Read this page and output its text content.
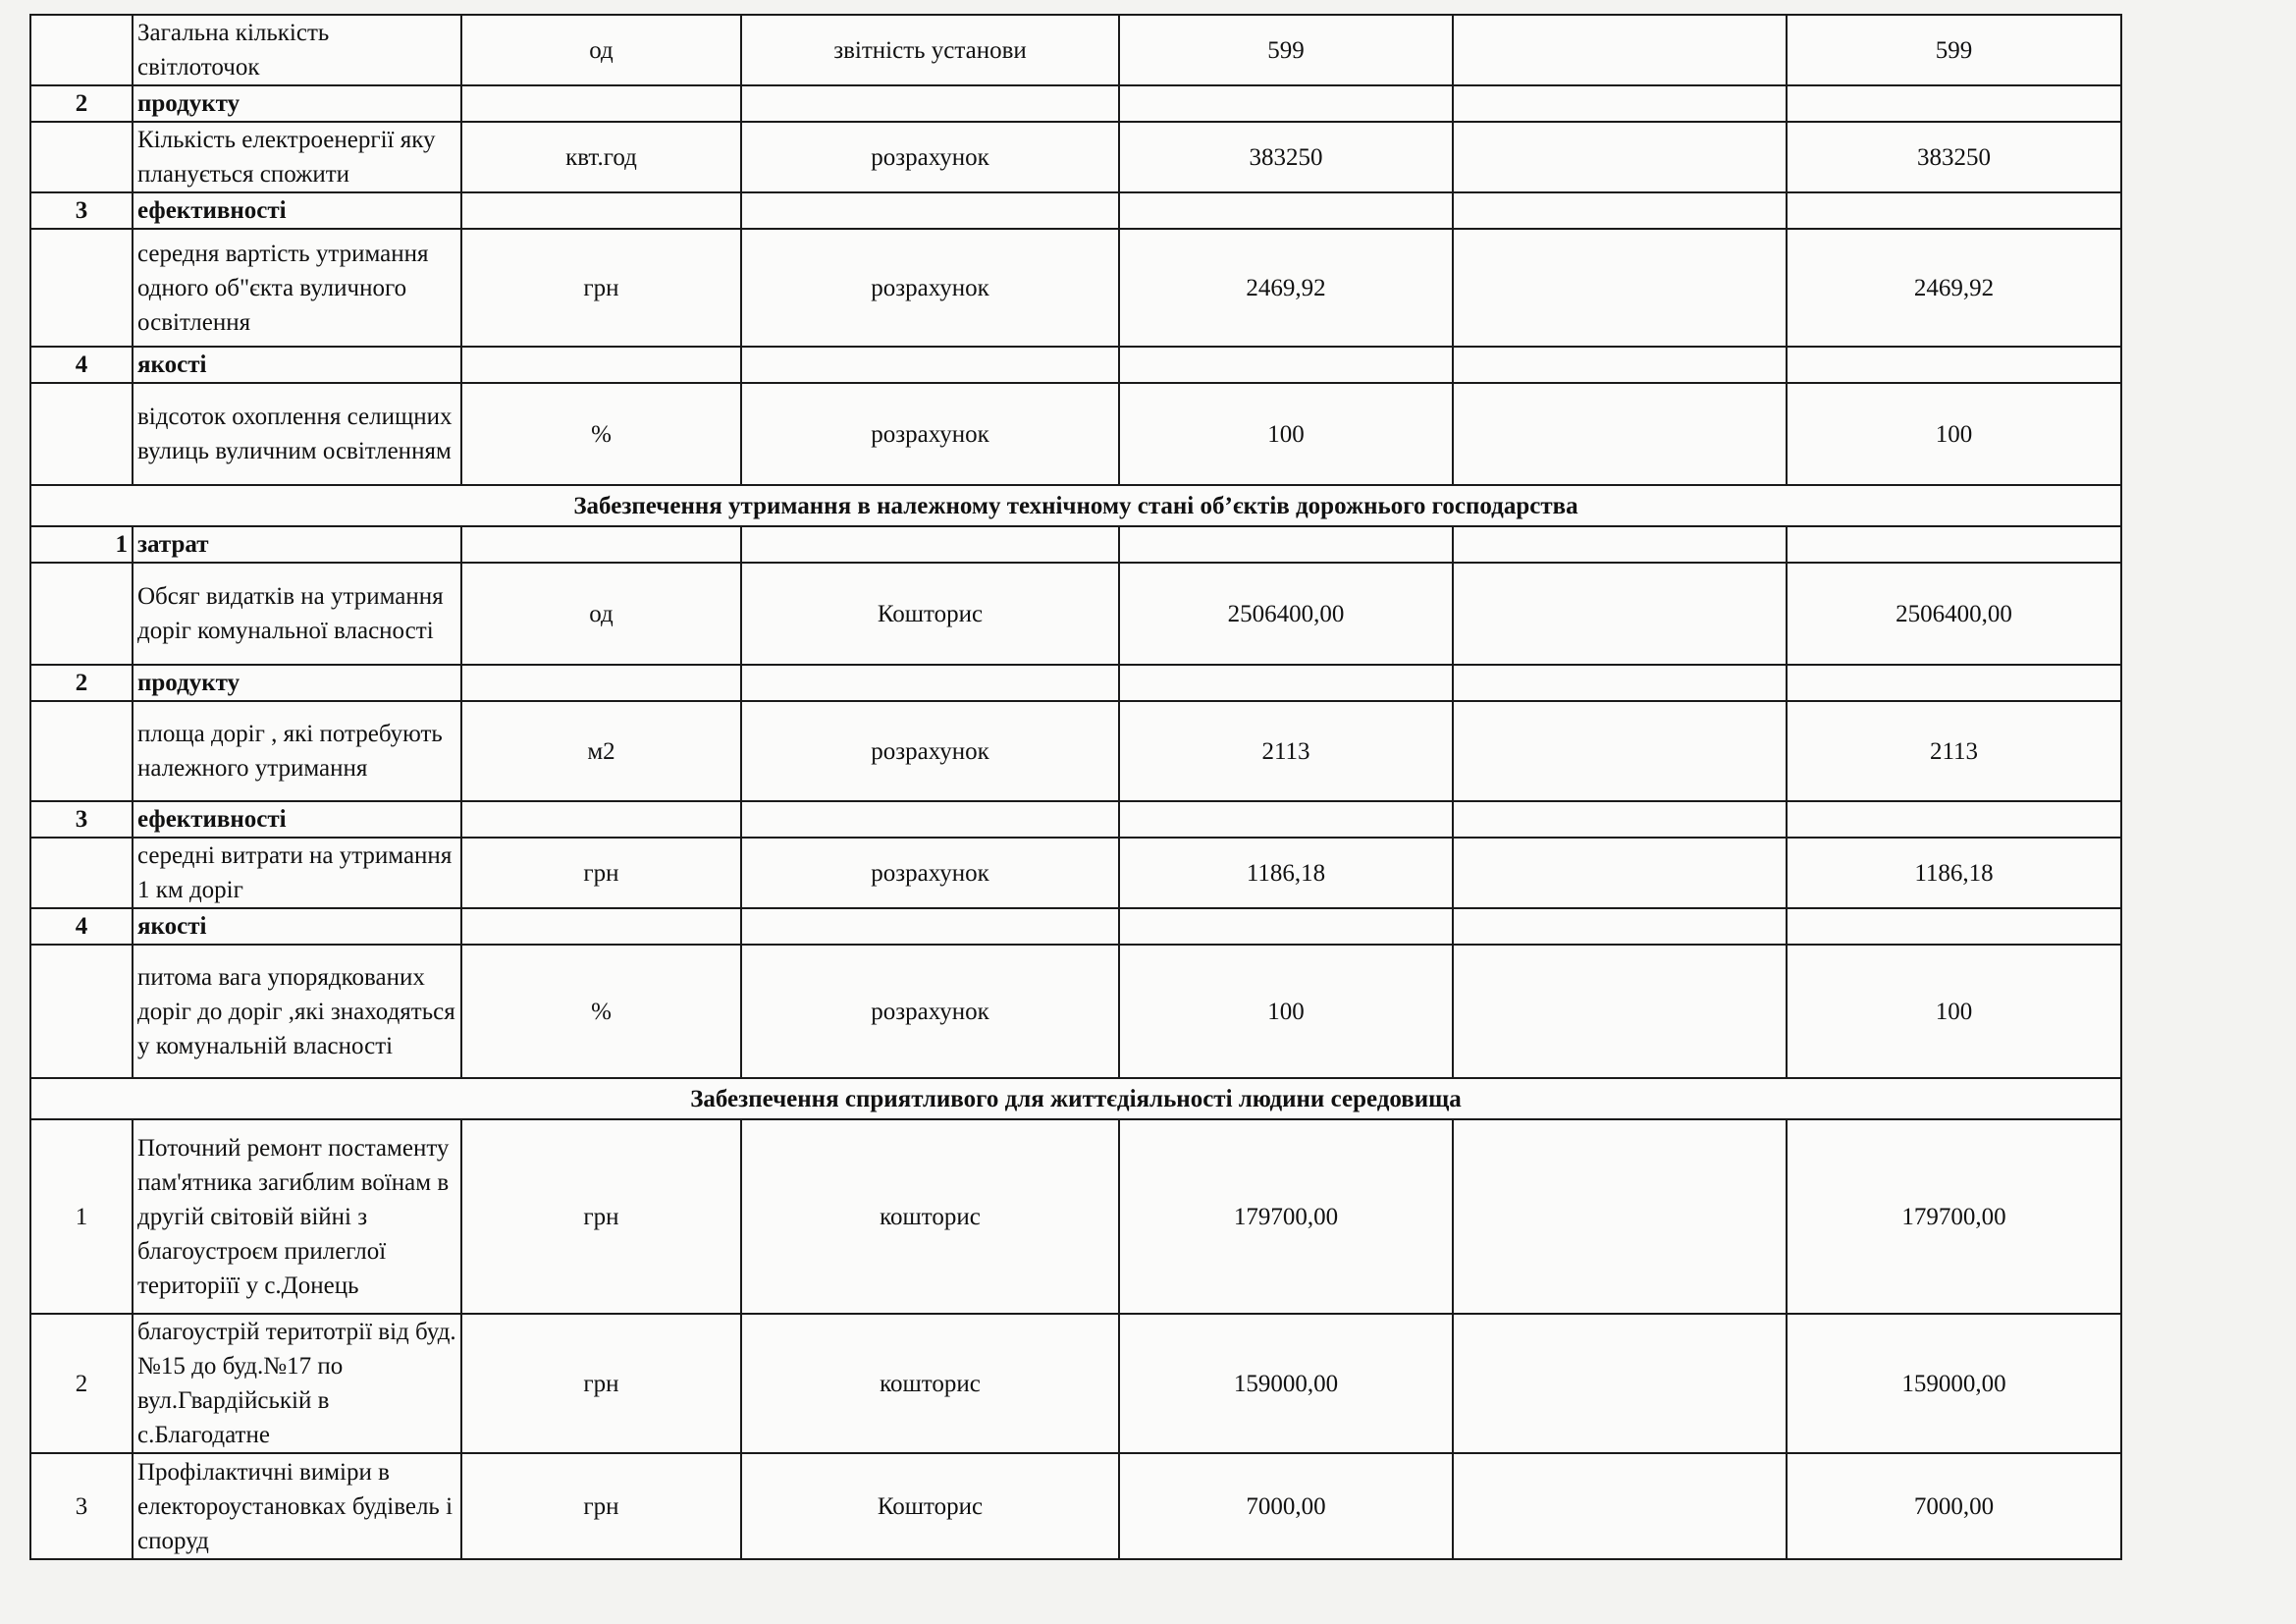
	Загальна кількість світлоточок	од	звітність установи	599		599
2	продукту					
	Кількість електроенергії яку планується спожити	квт.год	розрахунок	383250		383250
3	ефективності					
	середня вартість утримання одного об"єкта вуличного освітлення	грн	розрахунок	2469,92		2469,92
4	якості					
	відсоток охоплення селищних вулиць вуличним освітленням	%	розрахунок	100		100
Забезпечення утримання в належному технічному стані об’єктів дорожнього господарства						
1	затрат					
	Обсяг видатків на утримання доріг комунальної власності	од	Кошторис	2506400,00		2506400,00
2	продукту					
	площа доріг , які потребують належного утримання	м2	розрахунок	2113		2113
3	ефективності					
	середні витрати на утримання 1 км доріг	грн	розрахунок	1186,18		1186,18
4	якості					
	питома вага упорядкованих доріг до доріг ,які знаходяться у комунальній власності	%	розрахунок	100		100
Забезпечення сприятливого для життєдіяльності людини середовища						
1	Поточний ремонт постаменту пам'ятника загиблим воїнам в другій світовій війні з благоустроєм прилеглої територіїї у с.Донець	грн	кошторис	179700,00		179700,00
2	благоустрій теритотрії від буд.№15 до буд.№17 по вул.Гвардійській в с.Благодатне	грн	кошторис	159000,00		159000,00
3	Профілактичні виміри в електороустановках будівель і споруд	грн	Кошторис	7000,00		7000,00
